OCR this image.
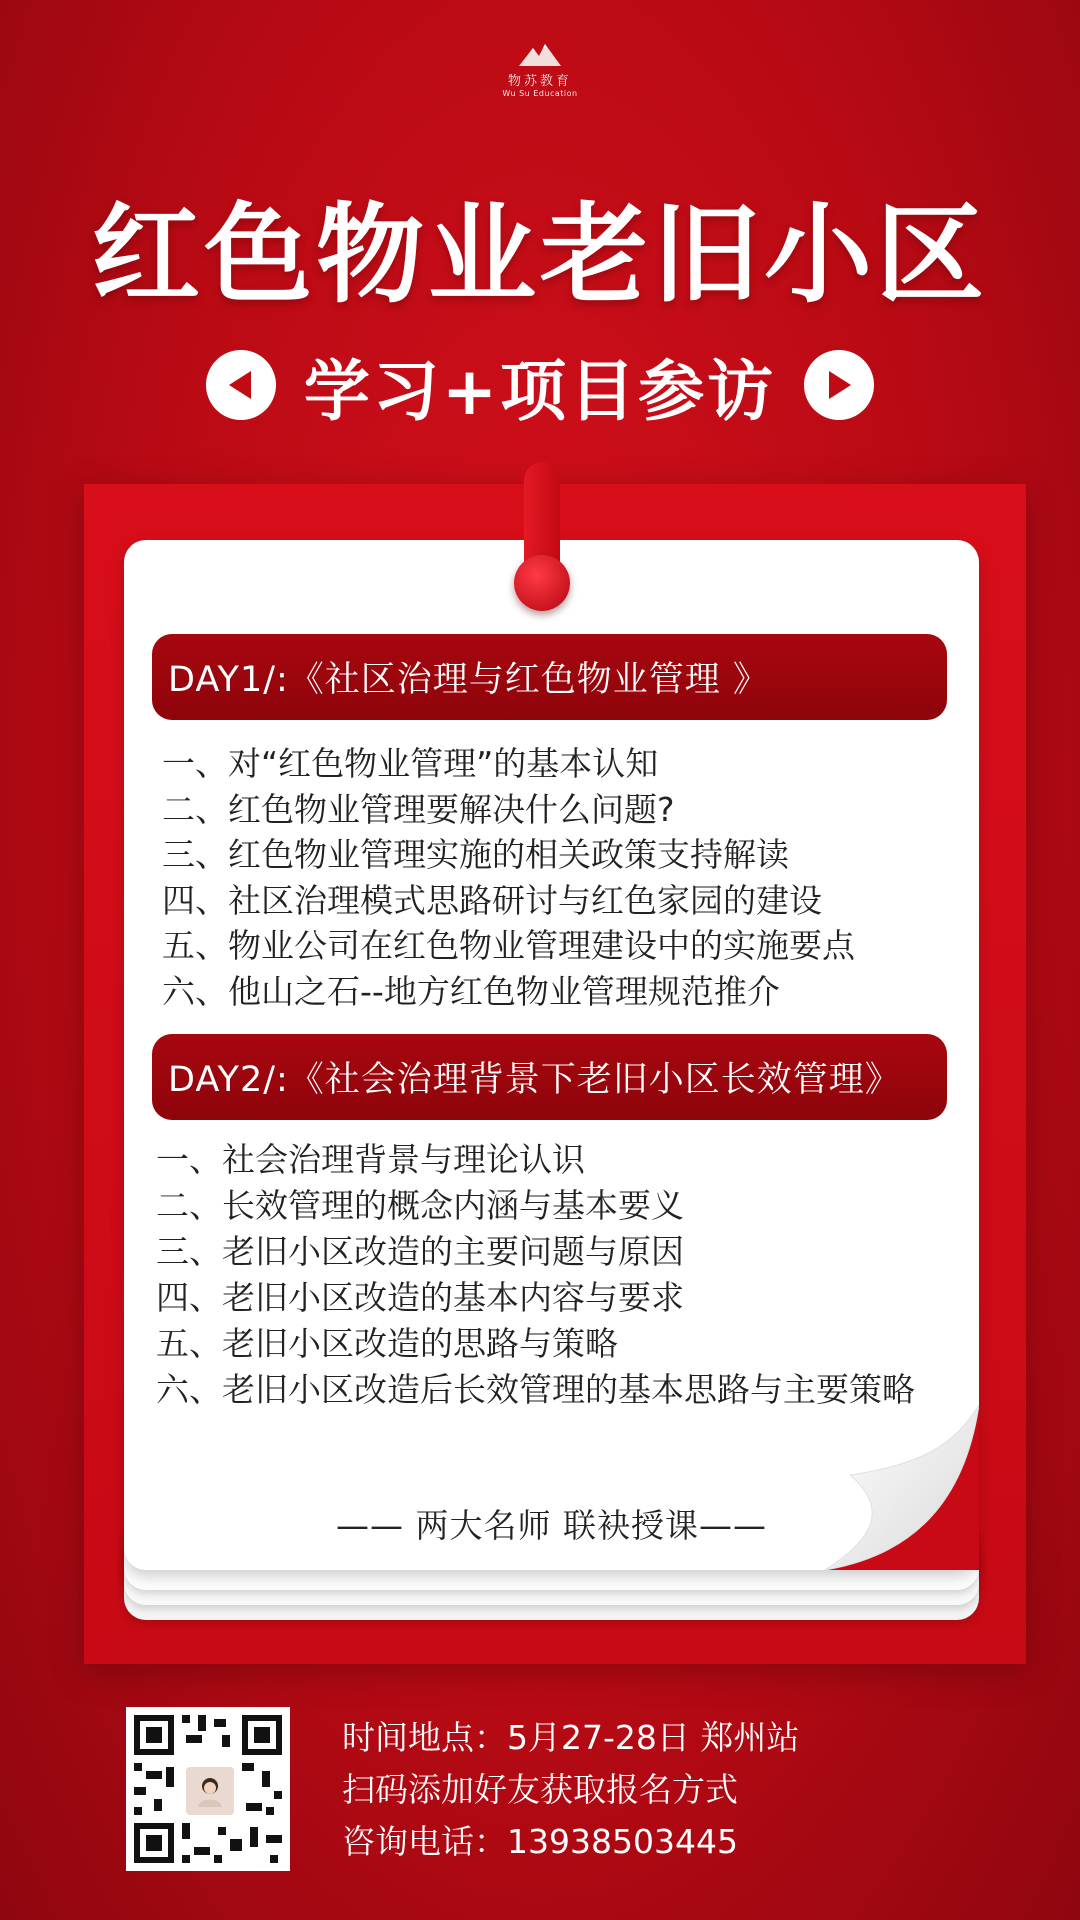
物苏教育
Wu Su Education
红色物业老旧小区
学习+项目参访
DAY1/:《社区治理与红色物业管理 》
一、对“红色物业管理”的基本认知
二、红色物业管理要解决什么问题?
三、红色物业管理实施的相关政策支持解读
四、社区治理模式思路研讨与红色家园的建设
五、物业公司在红色物业管理建设中的实施要点
六、他山之石--地方红色物业管理规范推介
DAY2/:《社会治理背景下老旧小区长效管理》
一、社会治理背景与理论认识
二、长效管理的概念内涵与基本要义
三、老旧小区改造的主要问题与原因
四、老旧小区改造的基本内容与要求
五、老旧小区改造的思路与策略
六、老旧小区改造后长效管理的基本思路与主要策略
—— 两大名师 联袂授课——
时间地点：5月27-28日 郑州站
扫码添加好友获取报名方式
咨询电话：13938503445
